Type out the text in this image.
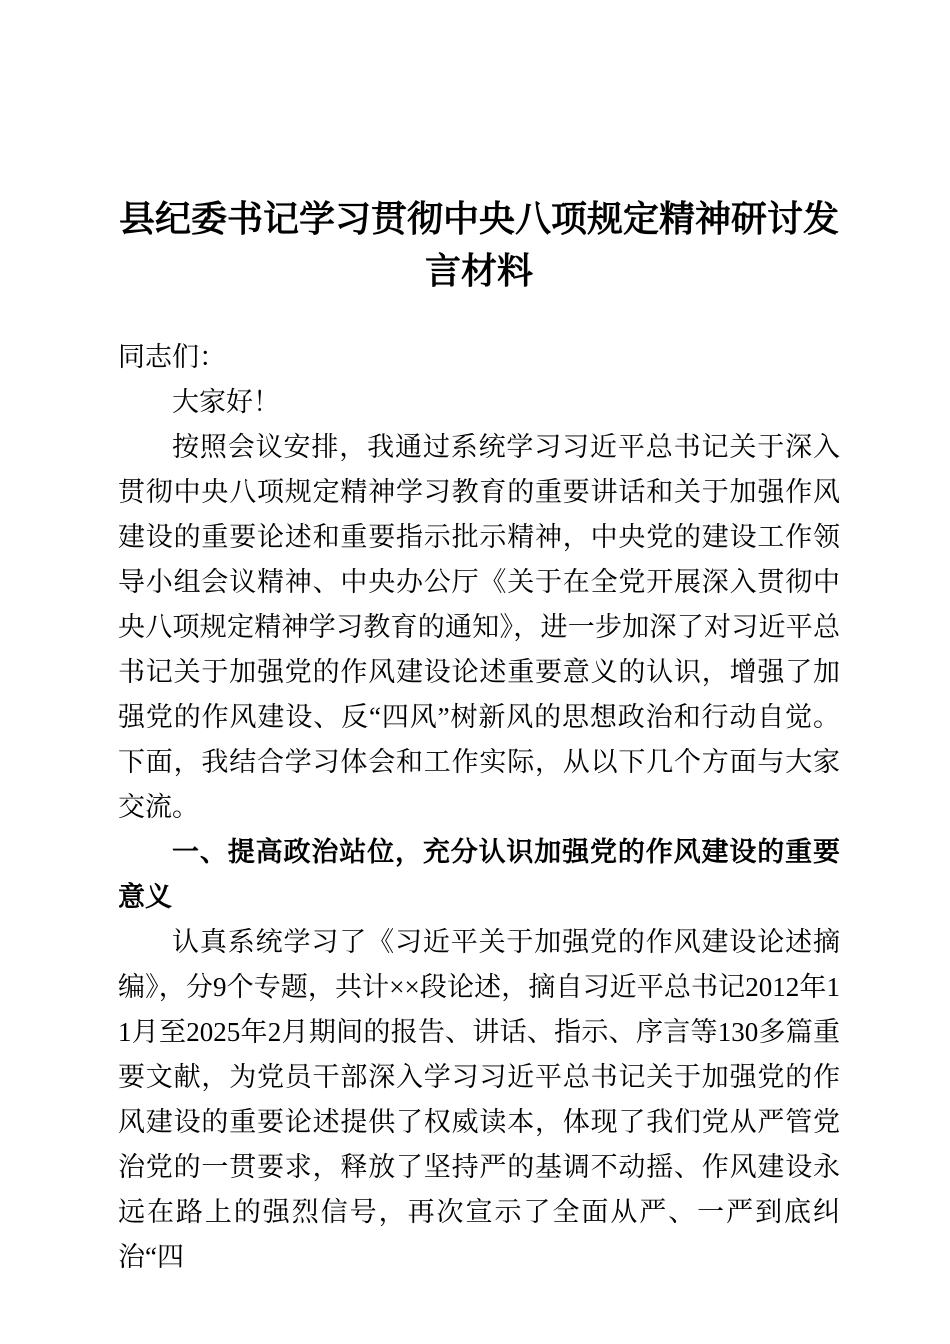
县纪委书记学习贯彻中央八项规定精神研讨发言材料

同志们：

大家好！

按照会议安排，我通过系统学习习近平总书记关于深入贯彻中央八项规定精神学习教育的重要讲话和关于加强作风建设的重要论述和重要指示批示精神，中央党的建设工作领导小组会议精神、中央办公厅《关于在全党开展深入贯彻中央八项规定精神学习教育的通知》，进一步加深了对习近平总书记关于加强党的作风建设论述重要意义的认识，增强了加强党的作风建设、反“四风”树新风的思想政治和行动自觉。下面，我结合学习体会和工作实际，从以下几个方面与大家交流。

一、提高政治站位，充分认识加强党的作风建设的重要意义

认真系统学习了《习近平关于加强党的作风建设论述摘编》，分9个专题，共计××段论述，摘自习近平总书记2012年11月至2025年2月期间的报告、讲话、指示、序言等130多篇重要文献，为党员干部深入学习习近平总书记关于加强党的作风建设的重要论述提供了权威读本，体现了我们党从严管党治党的一贯要求，释放了坚持严的基调不动摇、作风建设永远在路上的强烈信号，再次宣示了全面从严、一严到底纠治“四
